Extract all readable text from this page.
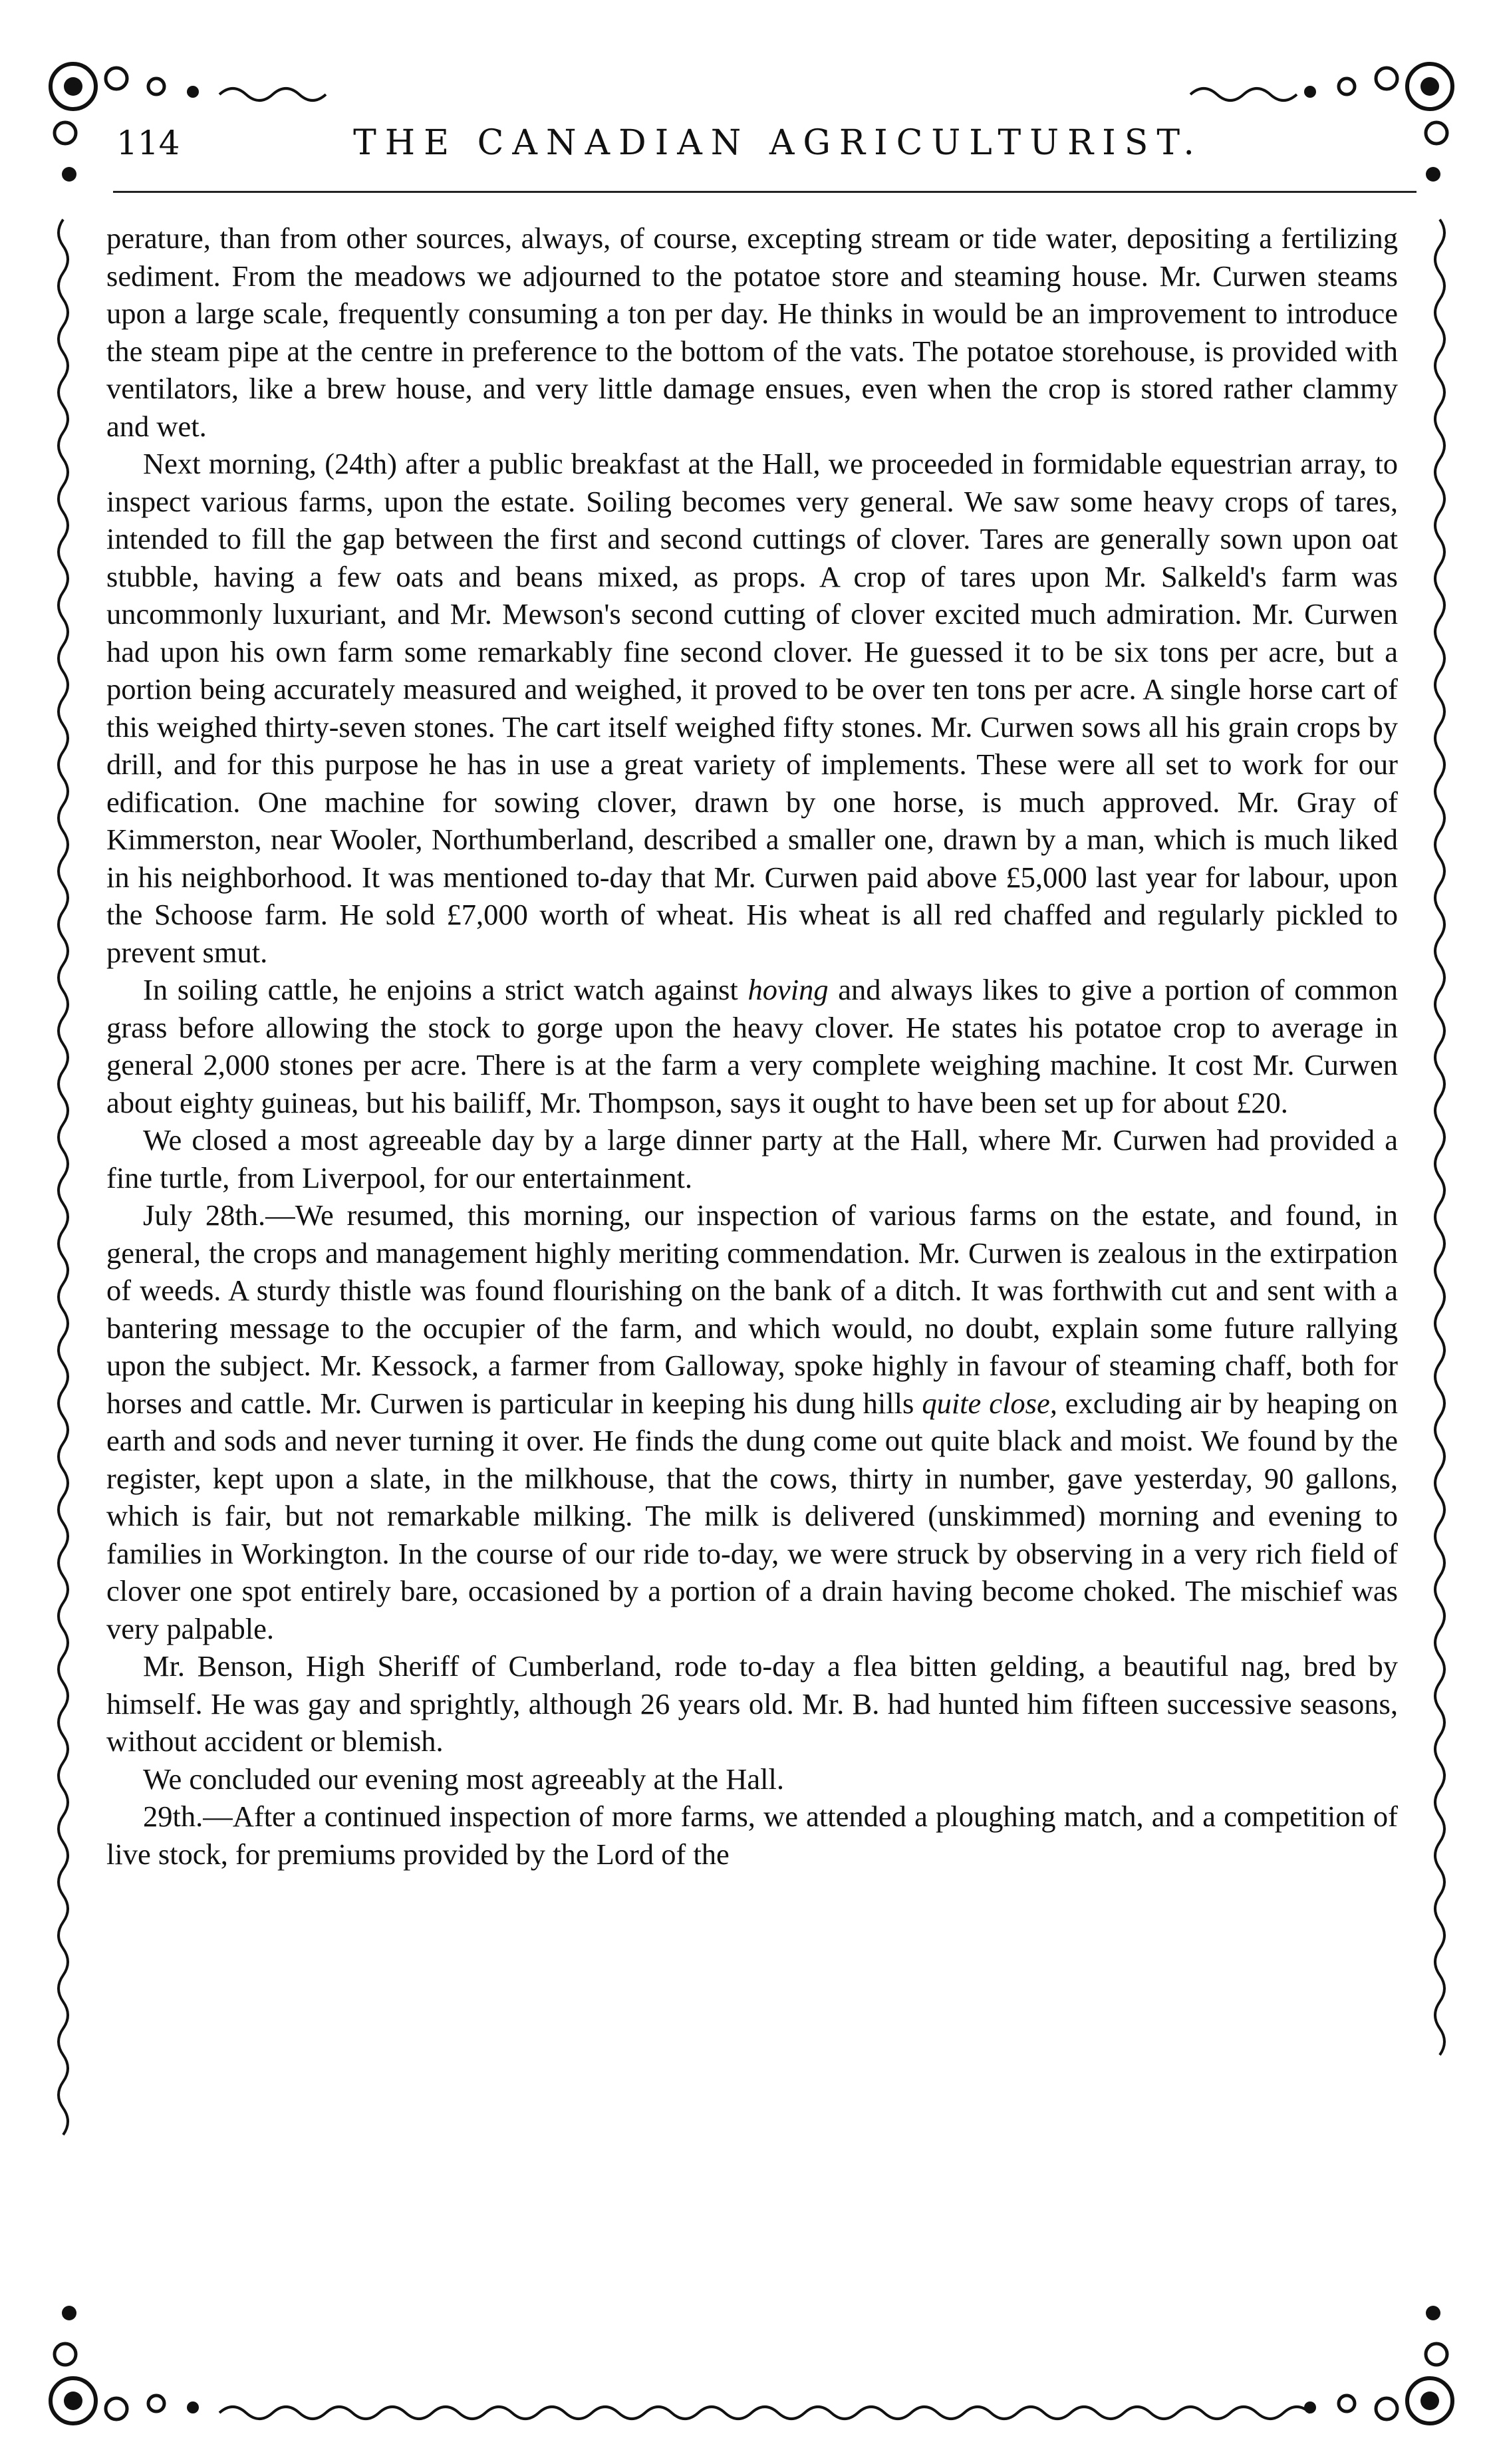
114	THE CANADIAN AGRICULTURIST.

perature, than from other sources, always, of course, excepting stream or tide water, depositing a fertilizing sediment. From the meadows we adjourned to the potatoe store and steaming house. Mr. Curwen steams upon a large scale, frequently consuming a ton per day. He thinks in would be an improvement to introduce the steam pipe at the centre in preference to the bottom of the vats. The potatoe storehouse, is provided with ventilators, like a brew house, and very little damage ensues, even when the crop is stored rather clammy and wet.

Next morning, (24th) after a public breakfast at the Hall, we proceeded in formidable equestrian array, to inspect various farms, upon the estate. Soiling becomes very general. We saw some heavy crops of tares, intended to fill the gap between the first and second cuttings of clover. Tares are generally sown upon oat stubble, having a few oats and beans mixed, as props. A crop of tares upon Mr. Salkeld's farm was uncommonly luxuriant, and Mr. Mewson's second cutting of clover excited much admiration. Mr. Curwen had upon his own farm some remarkably fine second clover. He guessed it to be six tons per acre, but a portion being accurately measured and weighed, it proved to be over ten tons per acre. A single horse cart of this weighed thirty-seven stones. The cart itself weighed fifty stones. Mr. Curwen sows all his grain crops by drill, and for this purpose he has in use a great variety of implements. These were all set to work for our edification. One machine for sowing clover, drawn by one horse, is much approved. Mr. Gray of Kimmerston, near Wooler, Northumberland, described a smaller one, drawn by a man, which is much liked in his neighborhood. It was mentioned to-day that Mr. Curwen paid above £5,000 last year for labour, upon the Schoose farm. He sold £7,000 worth of wheat. His wheat is all red chaffed and regularly pickled to prevent smut.

In soiling cattle, he enjoins a strict watch against hoving and always likes to give a portion of common grass before allowing the stock to gorge upon the heavy clover. He states his potatoe crop to average in general 2,000 stones per acre. There is at the farm a very complete weighing machine. It cost Mr. Curwen about eighty guineas, but his bailiff, Mr. Thompson, says it ought to have been set up for about £20.

We closed a most agreeable day by a large dinner party at the Hall, where Mr. Curwen had provided a fine turtle, from Liverpool, for our entertainment.

July 28th.—We resumed, this morning, our inspection of various farms on the estate, and found, in general, the crops and management highly meriting commendation. Mr. Curwen is zealous in the extirpation of weeds. A sturdy thistle was found flourishing on the bank of a ditch. It was forthwith cut and sent with a bantering message to the occupier of the farm, and which would, no doubt, explain some future rallying upon the subject. Mr. Kessock, a farmer from Galloway, spoke highly in favour of steaming chaff, both for horses and cattle. Mr. Curwen is particular in keeping his dung hills quite close, excluding air by heaping on earth and sods and never turning it over. He finds the dung come out quite black and moist. We found by the register, kept upon a slate, in the milkhouse, that the cows, thirty in number, gave yesterday, 90 gallons, which is fair, but not remarkable milking. The milk is delivered (unskimmed) morning and evening to families in Workington. In the course of our ride to-day, we were struck by observing in a very rich field of clover one spot entirely bare, occasioned by a portion of a drain having become choked. The mischief was very palpable.

Mr. Benson, High Sheriff of Cumberland, rode to-day a flea bitten gelding, a beautiful nag, bred by himself. He was gay and sprightly, although 26 years old. Mr. B. had hunted him fifteen successive seasons, without accident or blemish.

We concluded our evening most agreeably at the Hall.

29th.—After a continued inspection of more farms, we attended a ploughing match, and a competition of live stock, for premiums provided by the Lord of the
